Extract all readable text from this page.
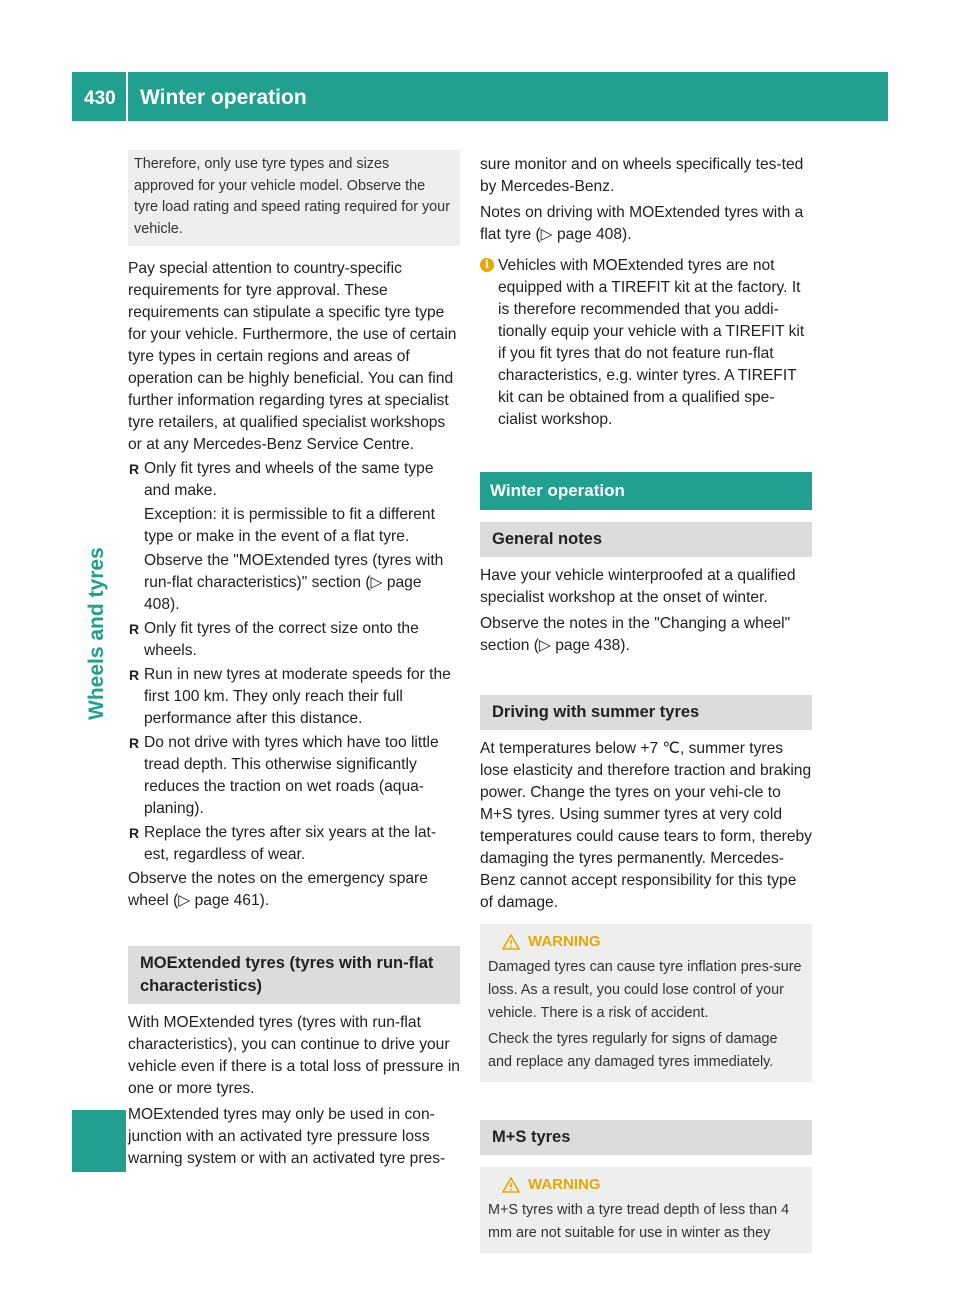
430 Winter operation
Wheels and tyres
Therefore, only use tyre types and sizes approved for your vehicle model. Observe the tyre load rating and speed rating required for your vehicle.

Pay special attention to country-specific requirements for tyre approval. These requirements can stipulate a specific tyre type for your vehicle. Furthermore, the use of certain tyre types in certain regions and areas of operation can be highly beneficial. You can find further information regarding tyres at specialist tyre retailers, at qualified specialist workshops or at any Mercedes-Benz Service Centre.

R Only fit tyres and wheels of the same type and make.

Exception: it is permissible to fit a different type or make in the event of a flat tyre.

Observe the "MOExtended tyres (tyres with run-flat characteristics)" section (▷ page 408).

R Only fit tyres of the correct size onto the wheels.
R Run in new tyres at moderate speeds for the first 100 km. They only reach their full performance after this distance.
R Do not drive with tyres which have too little tread depth. This otherwise significantly reduces the traction on wet roads (aqua-planing).
R Replace the tyres after six years at the lat-est, regardless of wear.

Observe the notes on the emergency spare wheel (▷ page 461).

MOExtended tyres (tyres with run-flat characteristics)

With MOExtended tyres (tyres with run-flat characteristics), you can continue to drive your vehicle even if there is a total loss of pressure in one or more tyres.

MOExtended tyres may only be used in con-junction with an activated tyre pressure loss warning system or with an activated tyre pres-

sure monitor and on wheels specifically tes-ted by Mercedes-Benz.

Notes on driving with MOExtended tyres with a flat tyre (▷ page 408).

i Vehicles with MOExtended tyres are not equipped with a TIREFIT kit at the factory. It is therefore recommended that you addi-tionally equip your vehicle with a TIREFIT kit if you fit tyres that do not feature run-flat characteristics, e.g. winter tyres. A TIREFIT kit can be obtained from a qualified spe-cialist workshop.
Winter operation
General notes

Have your vehicle winterproofed at a qualified specialist workshop at the onset of winter.

Observe the notes in the "Changing a wheel" section (▷ page 438).

Driving with summer tyres

At temperatures below +7 ℃, summer tyres lose elasticity and therefore traction and braking power. Change the tyres on your vehi-cle to M+S tyres. Using summer tyres at very cold temperatures could cause tears to form, thereby damaging the tyres permanently. Mercedes-Benz cannot accept responsibility for this type of damage.

WARNING

Damaged tyres can cause tyre inflation pres-sure loss. As a result, you could lose control of your vehicle. There is a risk of accident.

Check the tyres regularly for signs of damage and replace any damaged tyres immediately.

M+S tyres
WARNING

M+S tyres with a tyre tread depth of less than 4 mm are not suitable for use in winter as they
